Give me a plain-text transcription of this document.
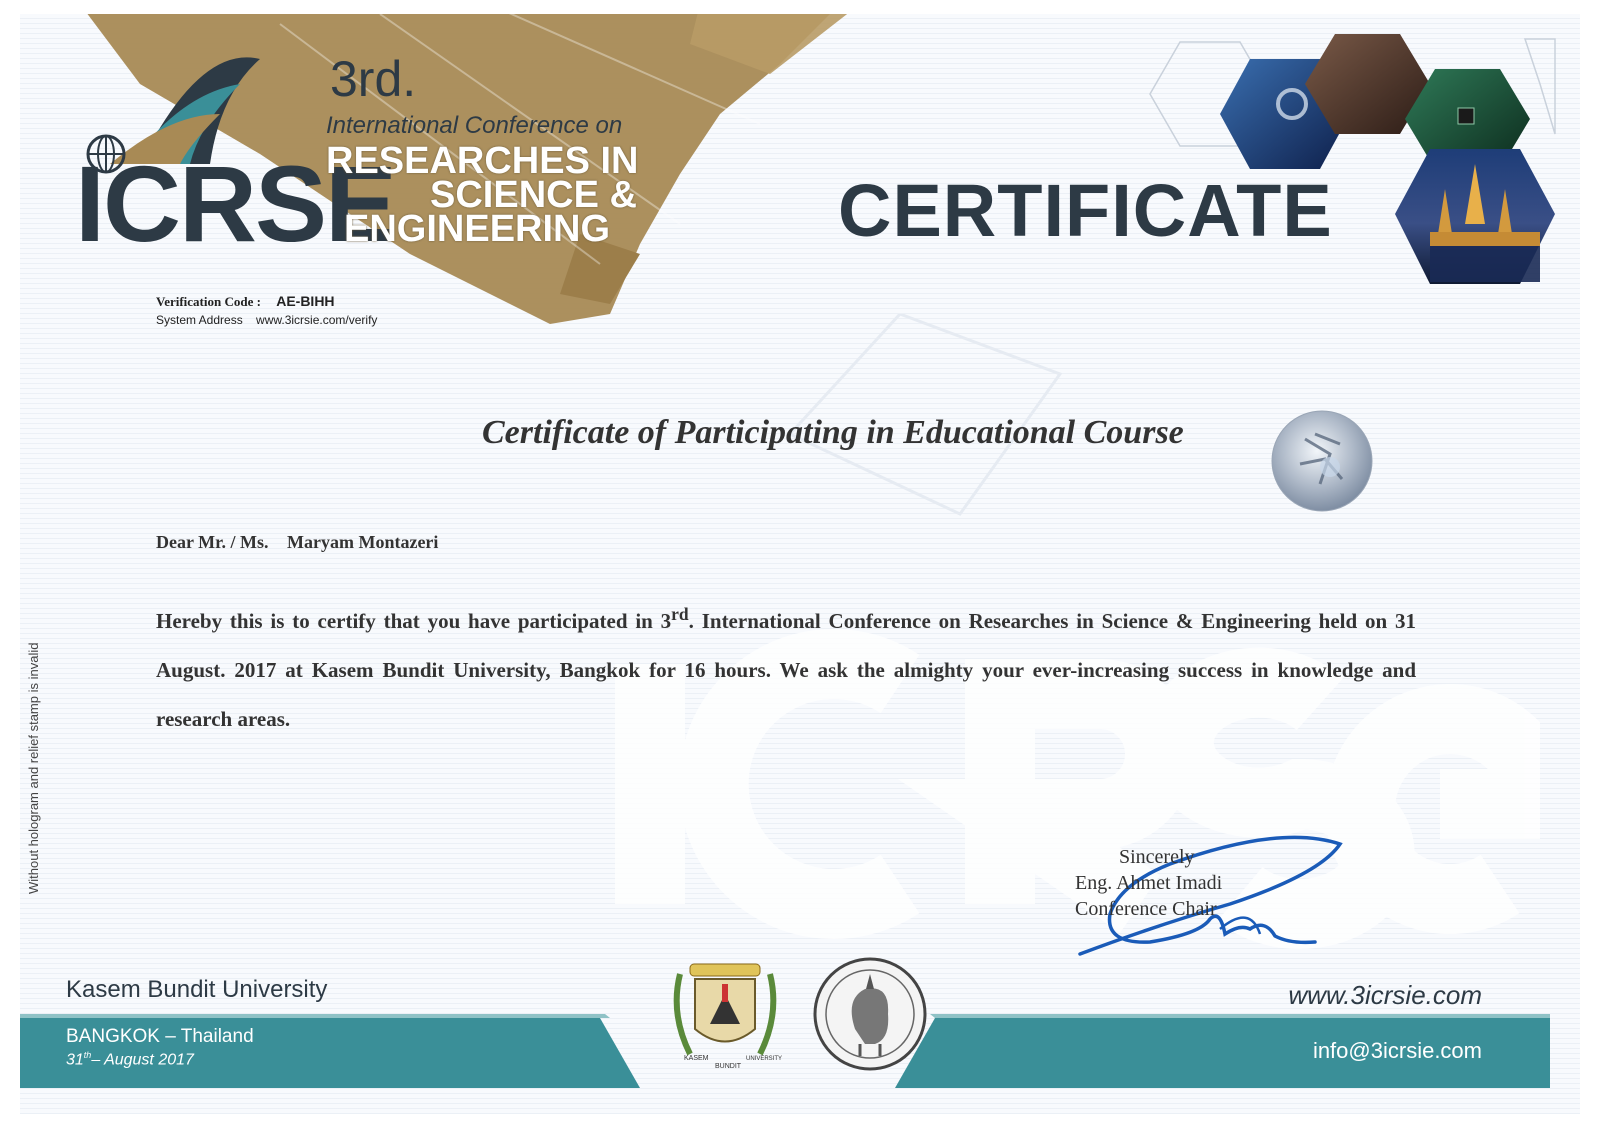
ICRSE
3rd.
International Conference on
RESEARCHES IN
SCIENCE &
ENGINEERING	CERTIFICATE
Verification Code : AE-BIHH
System Address www.3icrsie.com/verify
Certificate of Participating in Educational Course
Dear Mr. / Ms. Maryam Montazeri
Hereby this is to certify that you have participated in 3rd. International Conference on Researches in Science & Engineering held on 31 August. 2017 at Kasem Bundit University, Bangkok for 16 hours. We ask the almighty your ever-increasing success in knowledge and research areas.
Without hologram and relief stamp is invalid	Sincerely
Eng. Ahmet Imadi
Conference Chair
Kasem Bundit University
BANGKOK – Thailand
31th– August 2017
www.3icrsie.com
info@3icrsie.com
KASEM
BUNDIT
UNIVERSITY
